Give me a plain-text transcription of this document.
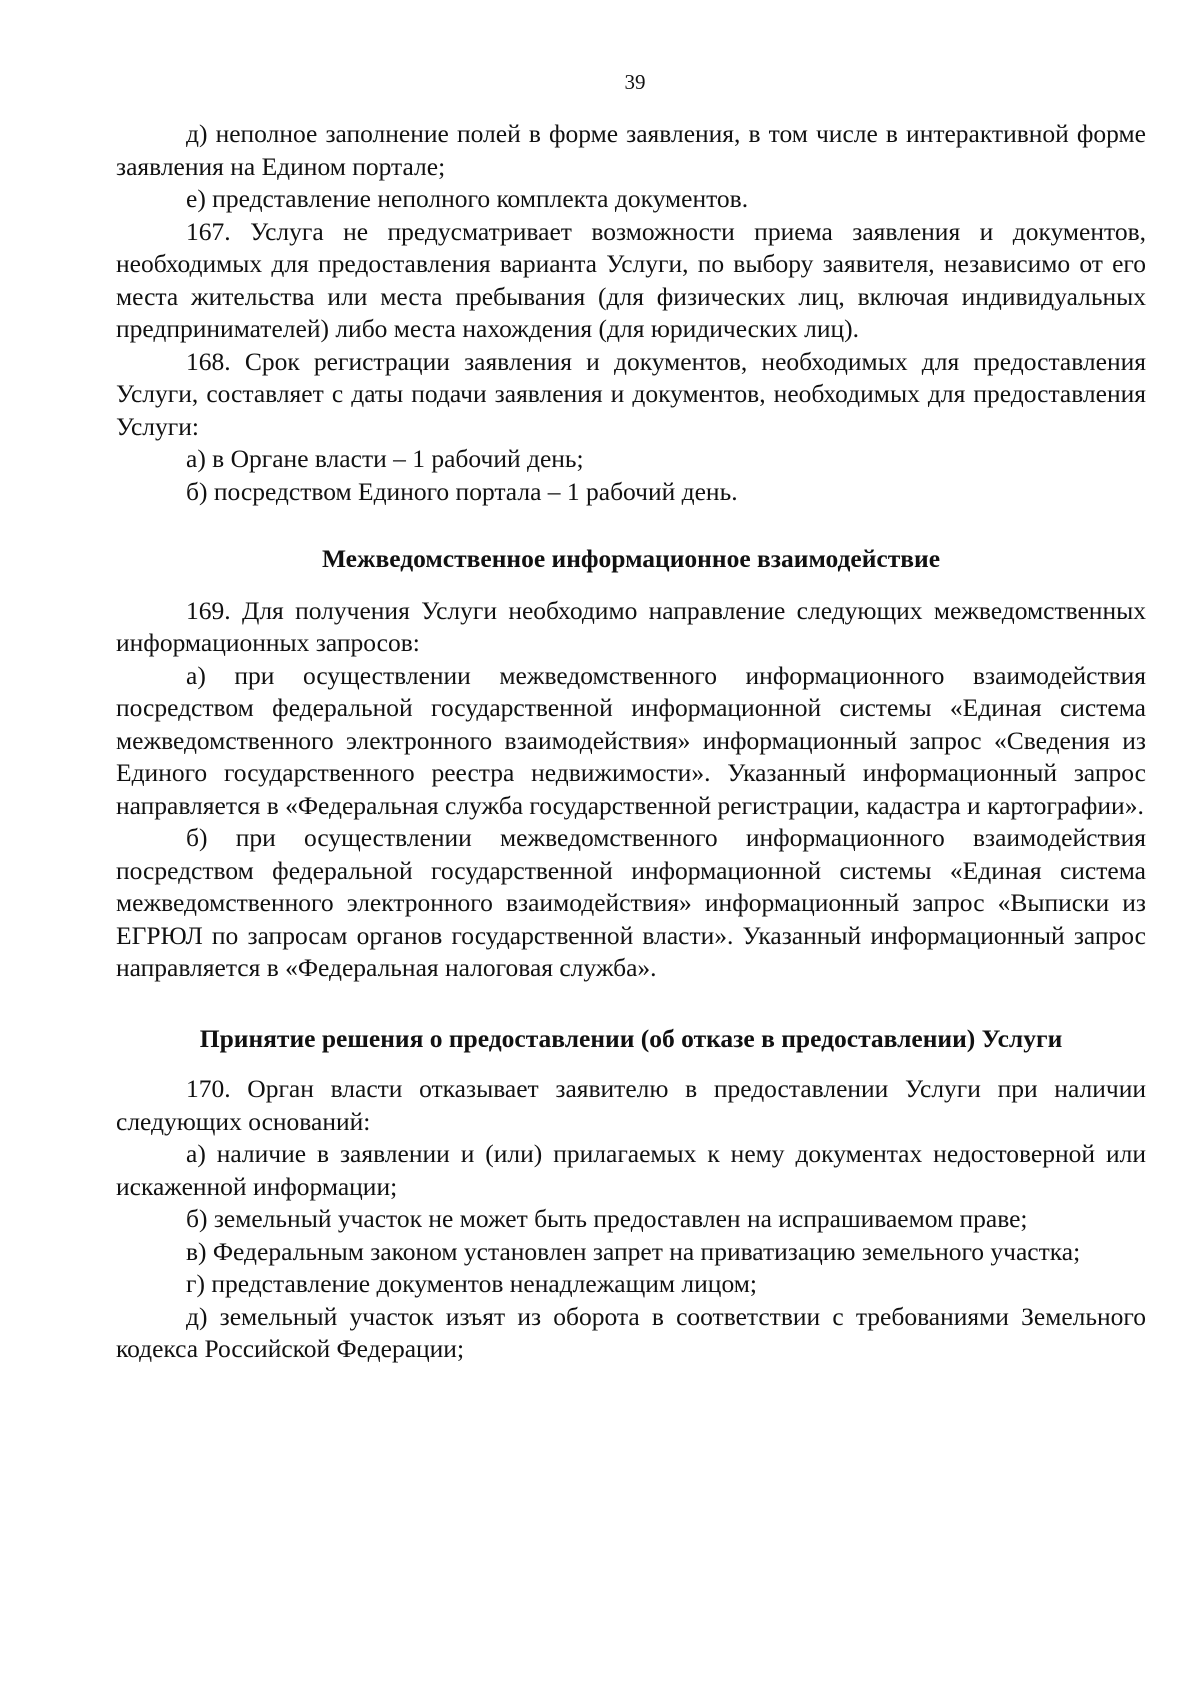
39

д) неполное заполнение полей в форме заявления, в том числе в интерактивной форме заявления на Едином портале;

е) представление неполного комплекта документов.

167. Услуга не предусматривает возможности приема заявления и документов, необходимых для предоставления варианта Услуги, по выбору заявителя, независимо от его места жительства или места пребывания (для физических лиц, включая индивидуальных предпринимателей) либо места нахождения (для юридических лиц).

168. Срок регистрации заявления и документов, необходимых для предоставления Услуги, составляет с даты подачи заявления и документов, необходимых для предоставления Услуги:

а) в Органе власти – 1 рабочий день;

б) посредством Единого портала – 1 рабочий день.

Межведомственное информационное взаимодействие

169. Для получения Услуги необходимо направление следующих межведомственных информационных запросов:

а) при осуществлении межведомственного информационного взаимодействия посредством федеральной государственной информационной системы «Единая система межведомственного электронного взаимодействия» информационный запрос «Сведения из Единого государственного реестра недвижимости». Указанный информационный запрос направляется в «Федеральная служба государственной регистрации, кадастра и картографии».

б) при осуществлении межведомственного информационного взаимодействия посредством федеральной государственной информационной системы «Единая система межведомственного электронного взаимодействия» информационный запрос «Выписки из ЕГРЮЛ по запросам органов государственной власти». Указанный информационный запрос направляется в «Федеральная налоговая служба».

Принятие решения о предоставлении (об отказе в предоставлении) Услуги

170. Орган власти отказывает заявителю в предоставлении Услуги при наличии следующих оснований:

а) наличие в заявлении и (или) прилагаемых к нему документах недостоверной или искаженной информации;

б) земельный участок не может быть предоставлен на испрашиваемом праве;

в) Федеральным законом установлен запрет на приватизацию земельного участка;

г) представление документов ненадлежащим лицом;

д) земельный участок изъят из оборота в соответствии с требованиями Земельного кодекса Российской Федерации;
